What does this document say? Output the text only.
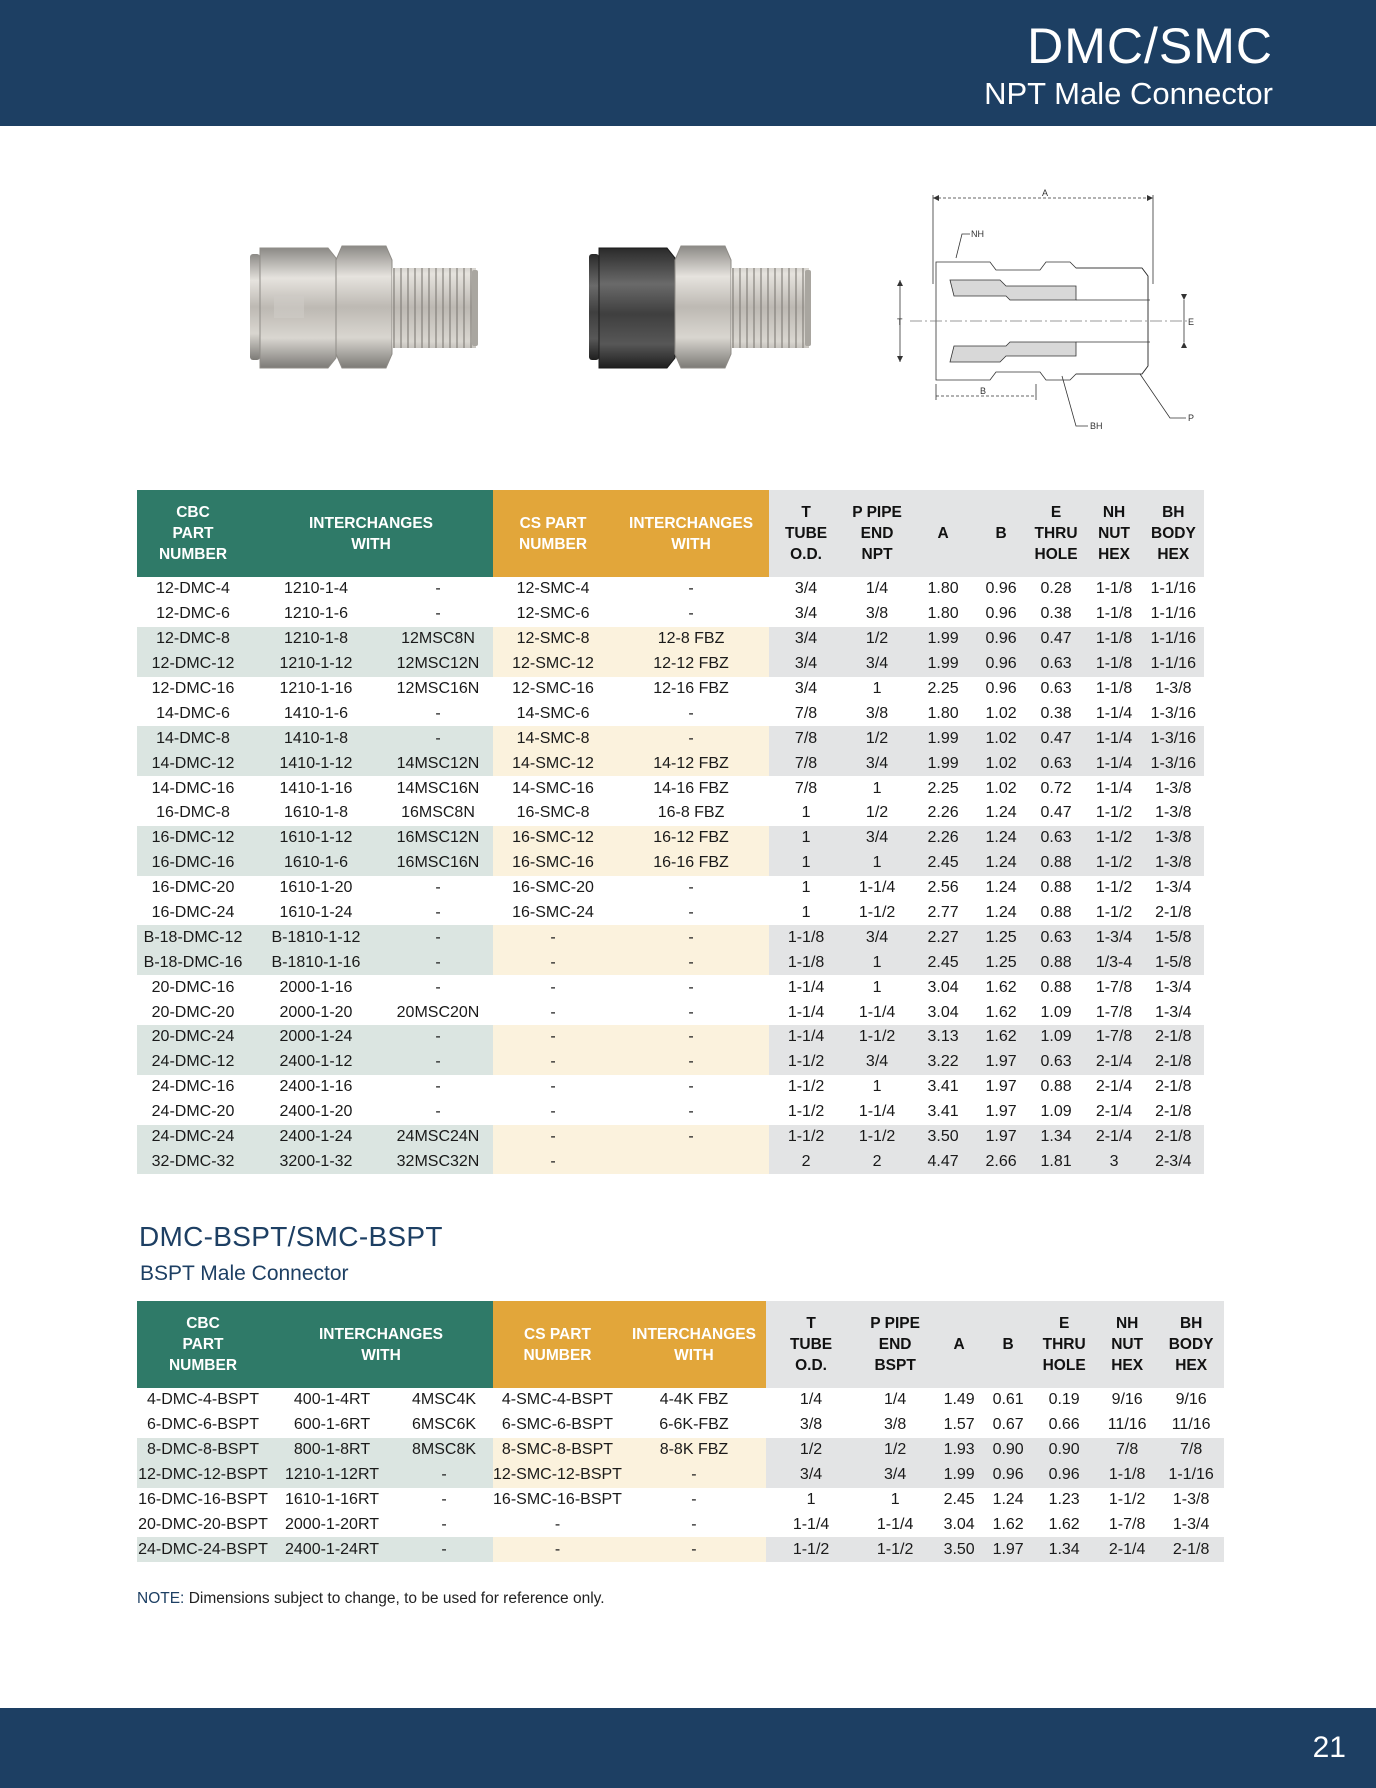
DMC/SMC
NPT Male Connector
A
NH
T	E
B
BH
P
CBC PART NUMBER	INTERCHANGES WITH		CS PART NUMBER	INTERCHANGES WITH	T TUBE O.D.	P PIPE END NPT	A	B	E THRU HOLE	NH NUT HEX	BH BODY HEX
12-DMC-4	1210-1-4	-	12-SMC-4	-	3/4	1/4	1.80	0.96	0.28	1-1/8	1-1/16
12-DMC-6	1210-1-6	-	12-SMC-6	-	3/4	3/8	1.80	0.96	0.38	1-1/8	1-1/16
12-DMC-8	1210-1-8	12MSC8N	12-SMC-8	12-8 FBZ	3/4	1/2	1.99	0.96	0.47	1-1/8	1-1/16
12-DMC-12	1210-1-12	12MSC12N	12-SMC-12	12-12 FBZ	3/4	3/4	1.99	0.96	0.63	1-1/8	1-1/16
12-DMC-16	1210-1-16	12MSC16N	12-SMC-16	12-16 FBZ	3/4	1	2.25	0.96	0.63	1-1/8	1-3/8
14-DMC-6	1410-1-6	-	14-SMC-6	-	7/8	3/8	1.80	1.02	0.38	1-1/4	1-3/16
14-DMC-8	1410-1-8	-	14-SMC-8	-	7/8	1/2	1.99	1.02	0.47	1-1/4	1-3/16
14-DMC-12	1410-1-12	14MSC12N	14-SMC-12	14-12 FBZ	7/8	3/4	1.99	1.02	0.63	1-1/4	1-3/16
14-DMC-16	1410-1-16	14MSC16N	14-SMC-16	14-16 FBZ	7/8	1	2.25	1.02	0.72	1-1/4	1-3/8
16-DMC-8	1610-1-8	16MSC8N	16-SMC-8	16-8 FBZ	1	1/2	2.26	1.24	0.47	1-1/2	1-3/8
16-DMC-12	1610-1-12	16MSC12N	16-SMC-12	16-12 FBZ	1	3/4	2.26	1.24	0.63	1-1/2	1-3/8
16-DMC-16	1610-1-6	16MSC16N	16-SMC-16	16-16 FBZ	1	1	2.45	1.24	0.88	1-1/2	1-3/8
16-DMC-20	1610-1-20	-	16-SMC-20	-	1	1-1/4	2.56	1.24	0.88	1-1/2	1-3/4
16-DMC-24	1610-1-24	-	16-SMC-24	-	1	1-1/2	2.77	1.24	0.88	1-1/2	2-1/8
B-18-DMC-12	B-1810-1-12	-	-	-	1-1/8	3/4	2.27	1.25	0.63	1-3/4	1-5/8
B-18-DMC-16	B-1810-1-16	-	-	-	1-1/8	1	2.45	1.25	0.88	1/3-4	1-5/8
20-DMC-16	2000-1-16	-	-	-	1-1/4	1	3.04	1.62	0.88	1-7/8	1-3/4
20-DMC-20	2000-1-20	20MSC20N	-	-	1-1/4	1-1/4	3.04	1.62	1.09	1-7/8	1-3/4
20-DMC-24	2000-1-24	-	-	-	1-1/4	1-1/2	3.13	1.62	1.09	1-7/8	2-1/8
24-DMC-12	2400-1-12	-	-	-	1-1/2	3/4	3.22	1.97	0.63	2-1/4	2-1/8
24-DMC-16	2400-1-16	-	-	-	1-1/2	1	3.41	1.97	0.88	2-1/4	2-1/8
24-DMC-20	2400-1-20	-	-	-	1-1/2	1-1/4	3.41	1.97	1.09	2-1/4	2-1/8
24-DMC-24	2400-1-24	24MSC24N	-	-	1-1/2	1-1/2	3.50	1.97	1.34	2-1/4	2-1/8
32-DMC-32	3200-1-32	32MSC32N	-		2	2	4.47	2.66	1.81	3	2-3/4
DMC-BSPT/SMC-BSPT
BSPT Male Connector
CBC PART NUMBER	INTERCHANGES WITH		CS PART NUMBER	INTERCHANGES WITH	T TUBE O.D.	P PIPE END BSPT	A	B	E THRU HOLE	NH NUT HEX	BH BODY HEX
4-DMC-4-BSPT	400-1-4RT	4MSC4K	4-SMC-4-BSPT	4-4K FBZ	1/4	1/4	1.49	0.61	0.19	9/16	9/16
6-DMC-6-BSPT	600-1-6RT	6MSC6K	6-SMC-6-BSPT	6-6K-FBZ	3/8	3/8	1.57	0.67	0.66	11/16	11/16
8-DMC-8-BSPT	800-1-8RT	8MSC8K	8-SMC-8-BSPT	8-8K FBZ	1/2	1/2	1.93	0.90	0.90	7/8	7/8
12-DMC-12-BSPT	1210-1-12RT	-	12-SMC-12-BSPT	-	3/4	3/4	1.99	0.96	0.96	1-1/8	1-1/16
16-DMC-16-BSPT	1610-1-16RT	-	16-SMC-16-BSPT	-	1	1	2.45	1.24	1.23	1-1/2	1-3/8
20-DMC-20-BSPT	2000-1-20RT	-	-	-	1-1/4	1-1/4	3.04	1.62	1.62	1-7/8	1-3/4
24-DMC-24-BSPT	2400-1-24RT	-	-	-	1-1/2	1-1/2	3.50	1.97	1.34	2-1/4	2-1/8
NOTE: Dimensions subject to change, to be used for reference only.
21
